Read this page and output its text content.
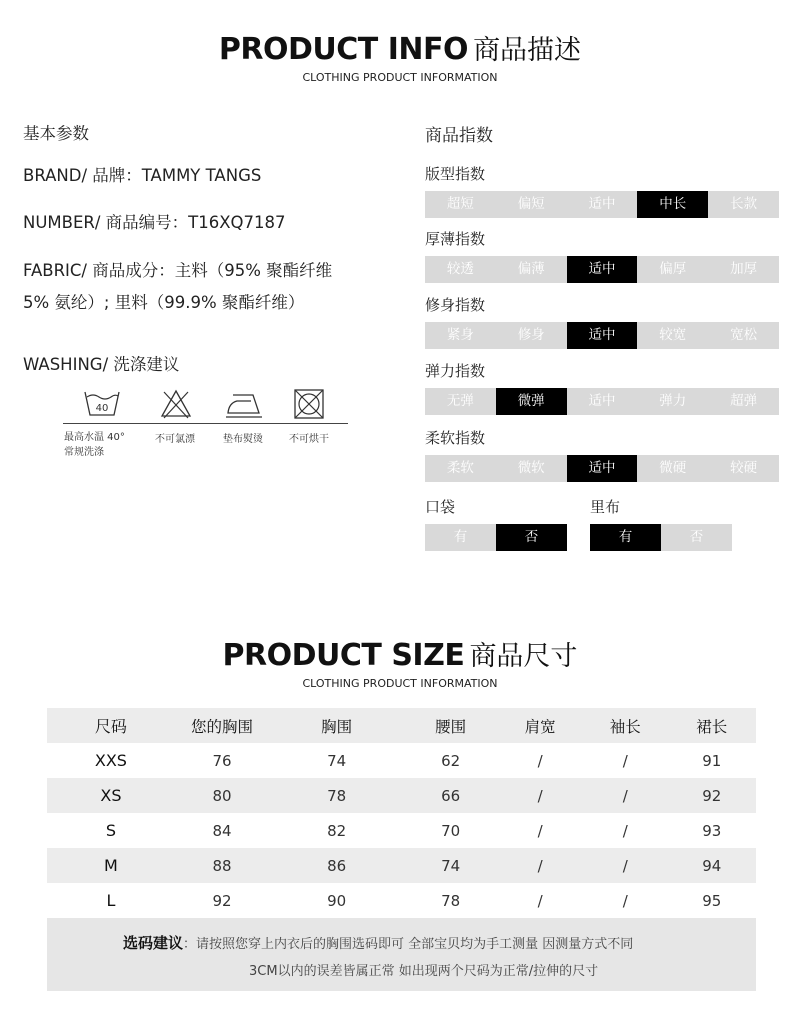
PRODUCT INFO 商品描述
CLOTHING PRODUCT INFORMATION
基本参数
BRAND/ 品牌：TAMMY TANGS
NUMBER/ 商品编号：T16XQ7187
FABRIC/ 商品成分：主料（95% 聚酯纤维
5% 氨纶）; 里料（99.9% 聚酯纤维）
WASHING/ 洗涤建议
40
最高水温 40°
常规洗涤
不可氯漂	垫布熨烫	不可烘干
商品指数
版型指数
超短	偏短	适中	中长	长款
厚薄指数
较透	偏薄	适中	偏厚	加厚
修身指数
紧身	修身	适中	较宽	宽松
弹力指数
无弹	微弹	适中	弹力	超弹
柔软指数
柔软	微软	适中	微硬	较硬
口袋
有	否
里布
有	否
PRODUCT SIZE 商品尺寸
CLOTHING PRODUCT INFORMATION
尺码	您的胸围	胸围	腰围	肩宽	袖长	裙长
XXS	76	74	62	/	/	91
XS	80	78	66	/	/	92
S	84	82	70	/	/	93
M	88	86	74	/	/	94
L	92	90	78	/	/	95
选码建议：请按照您穿上内衣后的胸围选码即可 全部宝贝均为手工测量 因测量方式不同
3CM以内的误差皆属正常 如出现两个尺码为正常/拉伸的尺寸
